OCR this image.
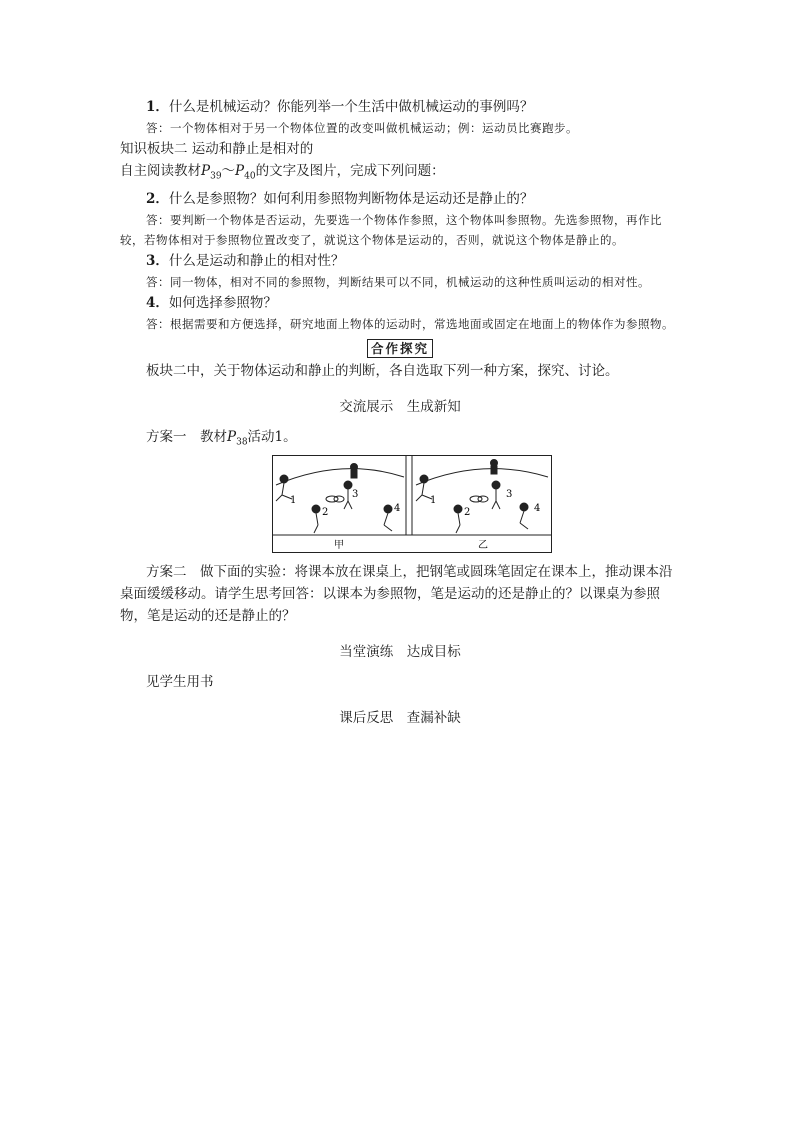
1．什么是机械运动？你能列举一个生活中做机械运动的事例吗？

答：一个物体相对于另一个物体位置的改变叫做机械运动；例：运动员比赛跑步。

知识板块二 运动和静止是相对的

自主阅读教材$P_{39}\sim P_{40}$的文字及图片，完成下列问题：

2．什么是参照物？如何利用参照物判断物体是运动还是静止的？

答：要判断一个物体是否运动，先要选一个物体作参照，这个物体叫参照物。先选参照物，再作比较，若物体相对于参照物位置改变了，就说这个物体是运动的，否则，就说这个物体是静止的。

3．什么是运动和静止的相对性？

答：同一物体，相对不同的参照物，判断结果可以不同，机械运动的这种性质叫运动的相对性。

4．如何选择参照物？

答：根据需要和方便选择，研究地面上物体的运动时，常选地面或固定在地面上的物体作为参照物。

合作探究

板块二中，关于物体运动和静止的判断，各自选取下列一种方案，探究、讨论。

交流展示　生成新知

方案一　教材$P_{38}$活动1。

1
2
3
4
1
2
3
4
甲	乙

方案二　做下面的实验：将课本放在课桌上，把钢笔或圆珠笔固定在课本上，推动课本沿桌面缓缓移动。请学生思考回答：以课本为参照物，笔是运动的还是静止的？以课桌为参照物，笔是运动的还是静止的？

当堂演练　达成目标

见学生用书

课后反思　查漏补缺
